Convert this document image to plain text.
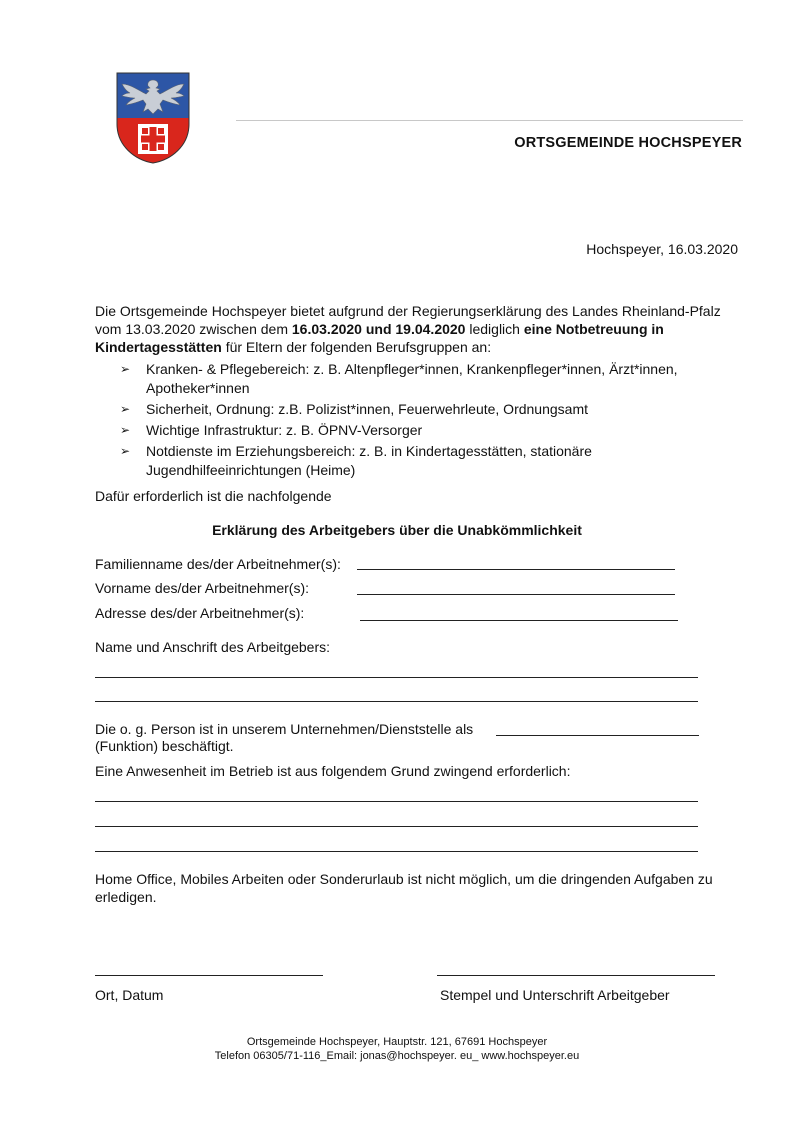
ORTSGEMEINDE HOCHSPEYER
Hochspeyer, 16.03.2020
Die Ortsgemeinde Hochspeyer bietet aufgrund der Regierungserklärung des Landes Rheinland-Pfalz vom 13.03.2020 zwischen dem 16.03.2020 und 19.04.2020 lediglich eine Notbetreuung in Kindertagesstätten für Eltern der folgenden Berufsgruppen an:
➢ Kranken- & Pflegebereich: z. B. Altenpfleger*innen, Krankenpfleger*innen, Ärzt*innen, Apotheker*innen
➢ Sicherheit, Ordnung: z.B. Polizist*innen, Feuerwehrleute, Ordnungsamt
➢ Wichtige Infrastruktur: z. B. ÖPNV-Versorger
➢ Notdienste im Erziehungsbereich: z. B. in Kindertagesstätten, stationäre Jugendhilfeeinrichtungen (Heime)
Dafür erforderlich ist die nachfolgende
Erklärung des Arbeitgebers über die Unabkömmlichkeit
Familienname des/der Arbeitnehmer(s):
Vorname des/der Arbeitnehmer(s):
Adresse des/der Arbeitnehmer(s):
Name und Anschrift des Arbeitgebers:
Die o. g. Person ist in unserem Unternehmen/Dienststelle als
(Funktion) beschäftigt.
Eine Anwesenheit im Betrieb ist aus folgendem Grund zwingend erforderlich:
Home Office, Mobiles Arbeiten oder Sonderurlaub ist nicht möglich, um die dringenden Aufgaben zu erledigen.
Ort, Datum	Stempel und Unterschrift Arbeitgeber
Ortsgemeinde Hochspeyer, Hauptstr. 121, 67691 Hochspeyer
Telefon 06305/71-116_Email: jonas@hochspeyer. eu_ www.hochspeyer.eu
